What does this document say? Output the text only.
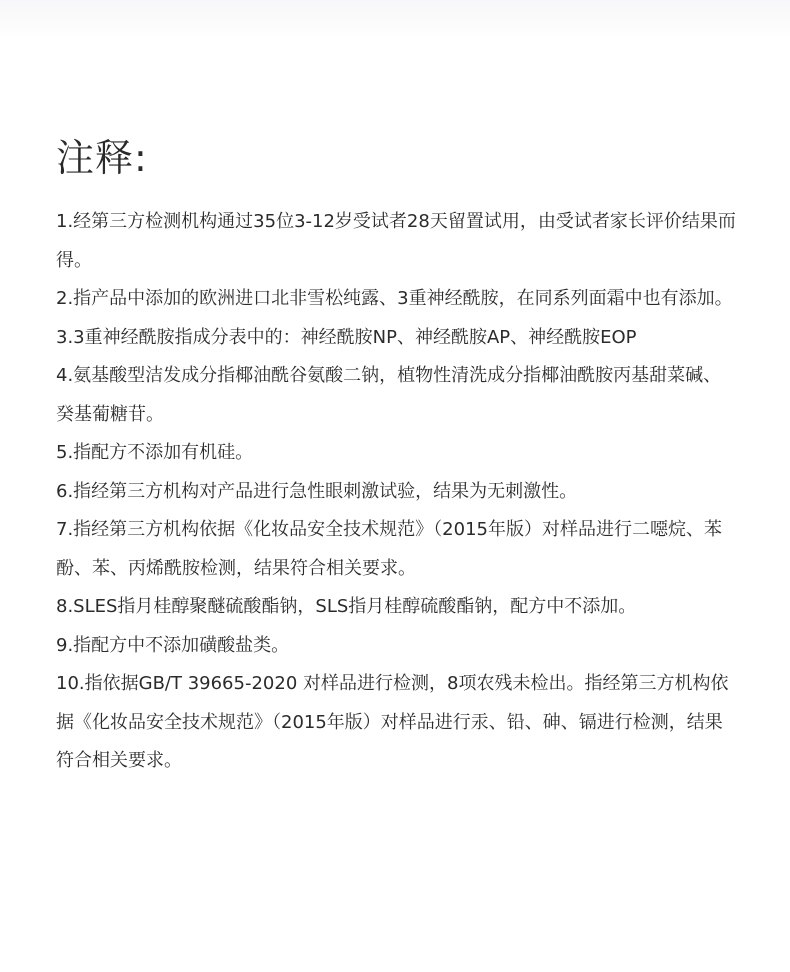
注释:
1.经第三方检测机构通过35位3-12岁受试者28天留置试用，由受试者家长评价结果而得。
2.指产品中添加的欧洲进口北非雪松纯露、3重神经酰胺，在同系列面霜中也有添加。
3.3重神经酰胺指成分表中的：神经酰胺NP、神经酰胺AP、神经酰胺EOP
4.氨基酸型洁发成分指椰油酰谷氨酸二钠，植物性清洗成分指椰油酰胺丙基甜菜碱、癸基葡糖苷。
5.指配方不添加有机硅。
6.指经第三方机构对产品进行急性眼刺激试验，结果为无刺激性。
7.指经第三方机构依据《化妆品安全技术规范》（2015年版）对样品进行二噁烷、苯酚、苯、丙烯酰胺检测，结果符合相关要求。
8.SLES指月桂醇聚醚硫酸酯钠，SLS指月桂醇硫酸酯钠，配方中不添加。
9.指配方中不添加磺酸盐类。
10.指依据GB/T 39665-2020 对样品进行检测，8项农残未检出。指经第三方机构依据《化妆品安全技术规范》（2015年版）对样品进行汞、铅、砷、镉进行检测，结果符合相关要求。
